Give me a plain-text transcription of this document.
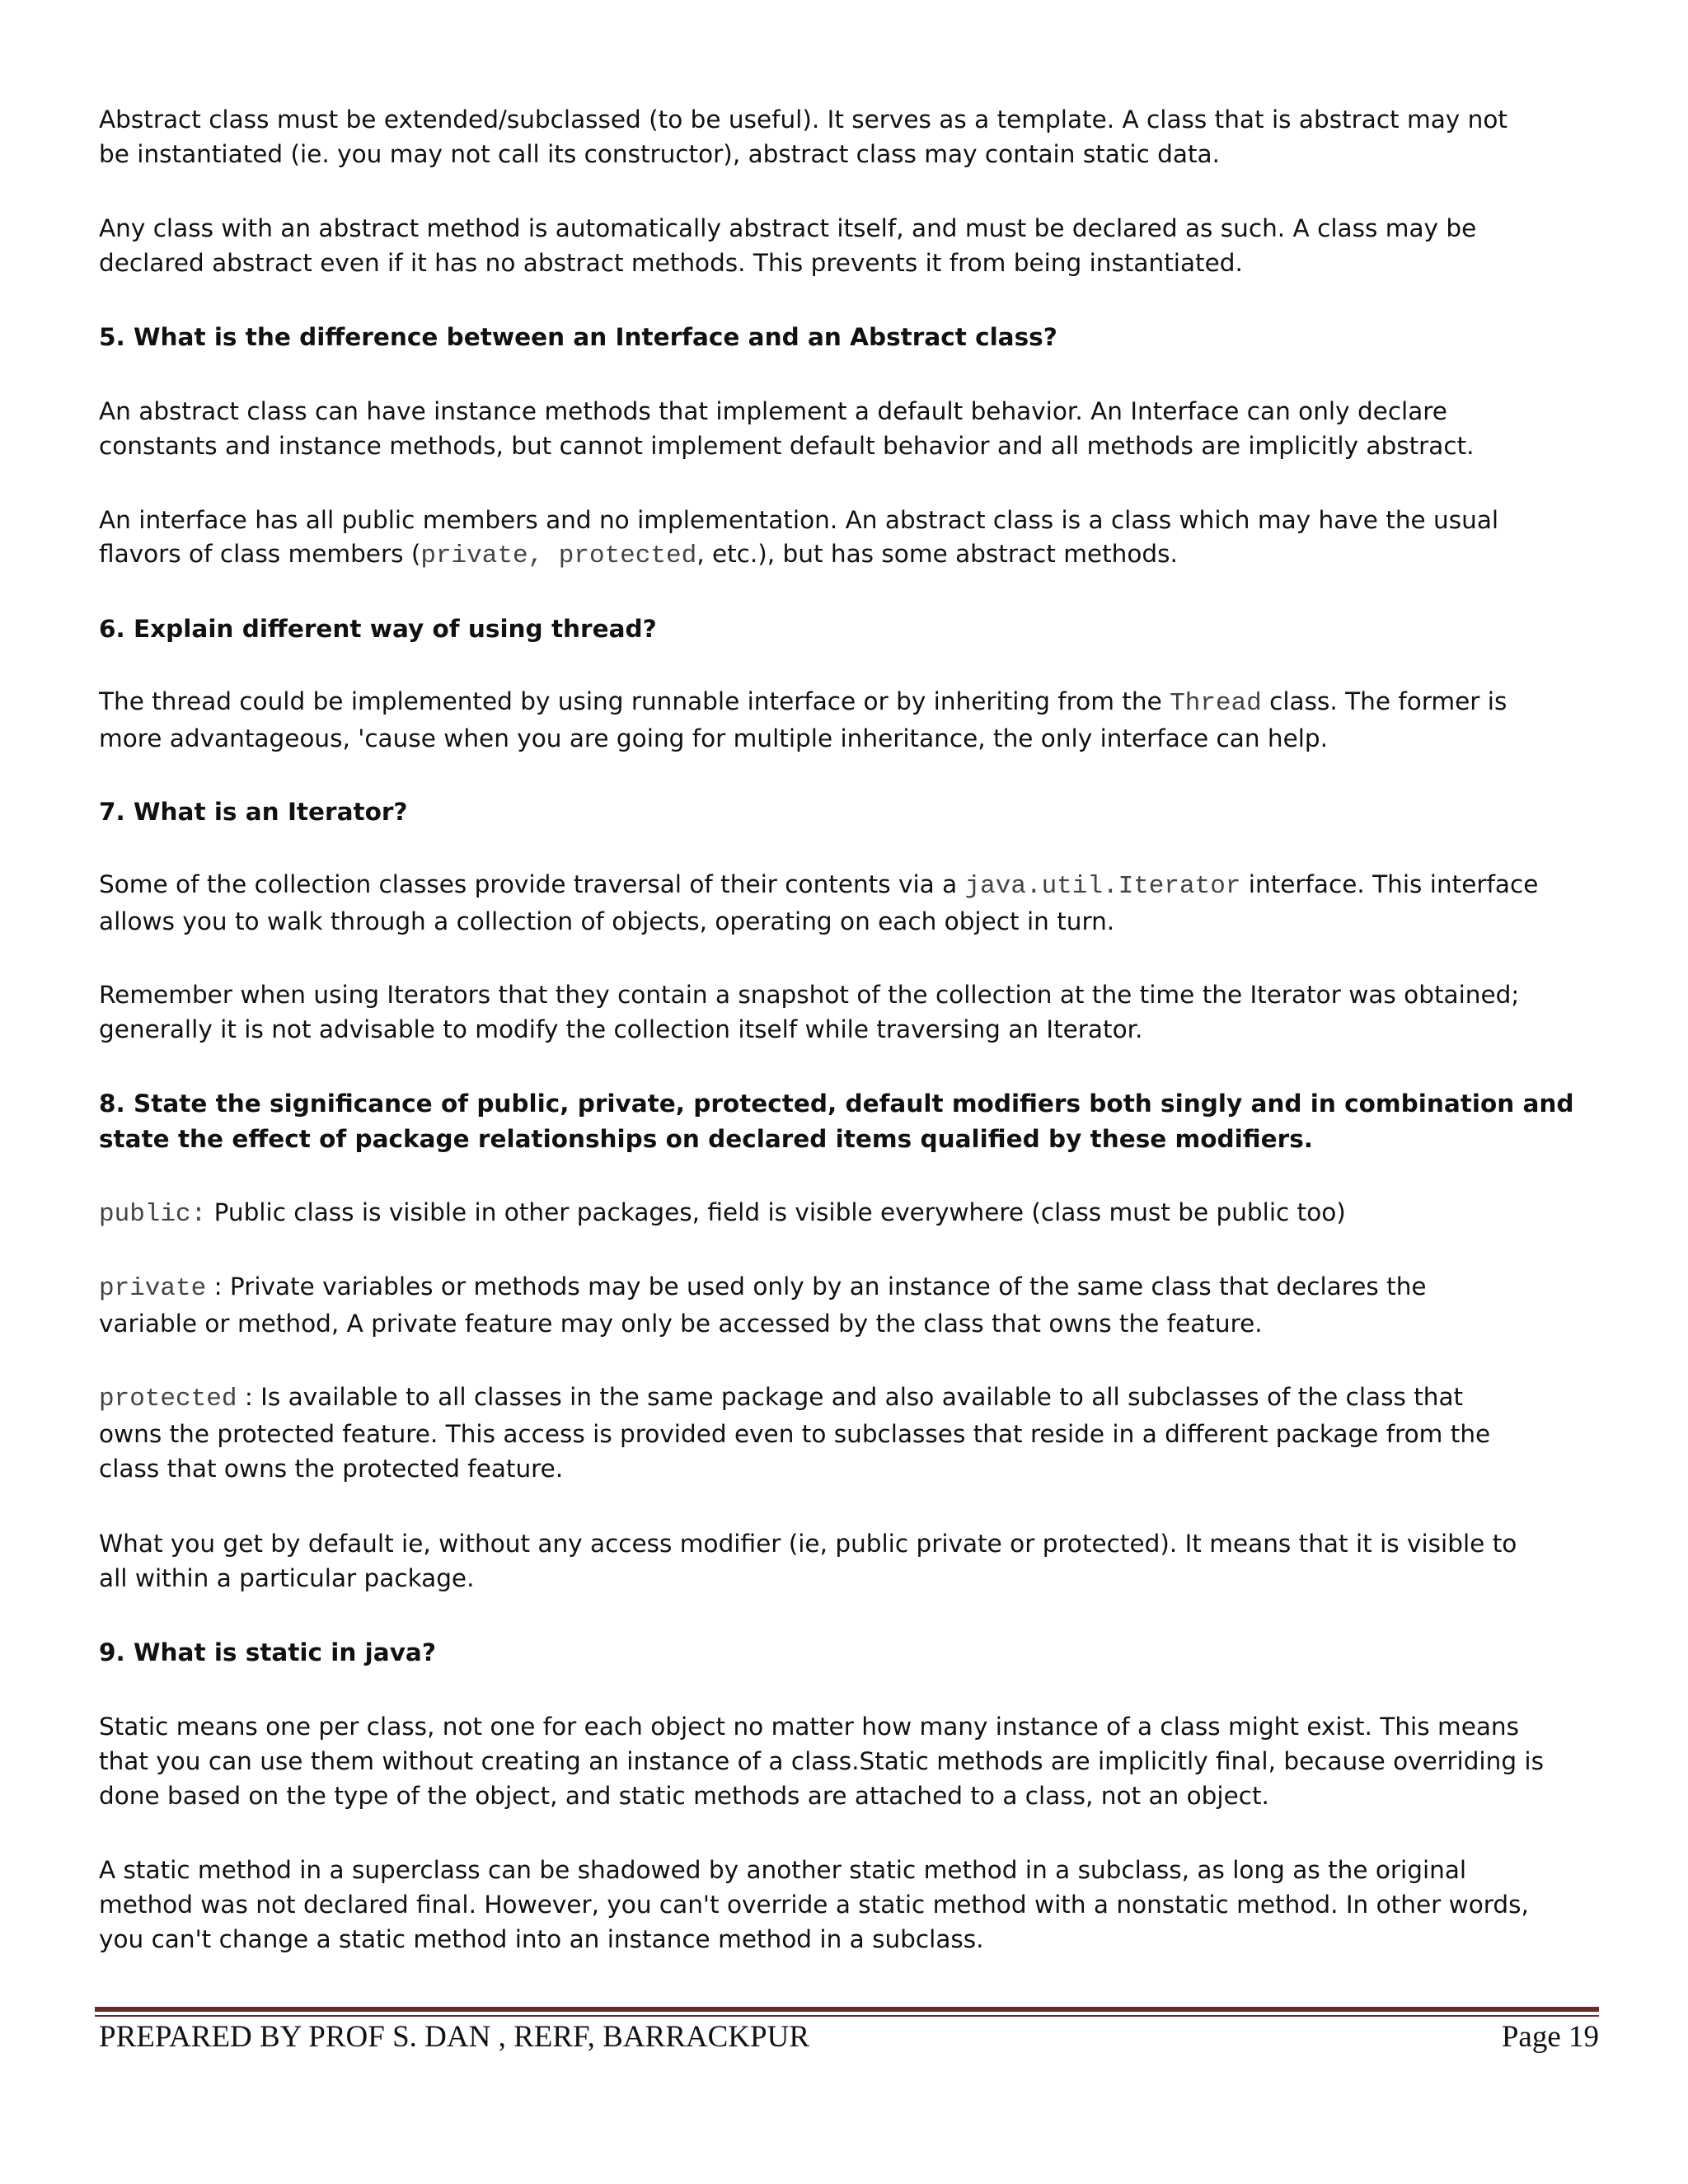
Abstract class must be extended/subclassed (to be useful). It serves as a template. A class that is abstract may not
be instantiated (ie. you may not call its constructor), abstract class may contain static data.
Any class with an abstract method is automatically abstract itself, and must be declared as such. A class may be
declared abstract even if it has no abstract methods. This prevents it from being instantiated.
5. What is the difference between an Interface and an Abstract class?
An abstract class can have instance methods that implement a default behavior. An Interface can only declare
constants and instance methods, but cannot implement default behavior and all methods are implicitly abstract.
An interface has all public members and no implementation. An abstract class is a class which may have the usual
flavors of class members (private, protected, etc.), but has some abstract methods.
6. Explain different way of using thread?
The thread could be implemented by using runnable interface or by inheriting from the Thread class. The former is
more advantageous, 'cause when you are going for multiple inheritance, the only interface can help.
7. What is an Iterator?
Some of the collection classes provide traversal of their contents via a java.util.Iterator interface. This interface
allows you to walk through a collection of objects, operating on each object in turn.
Remember when using Iterators that they contain a snapshot of the collection at the time the Iterator was obtained;
generally it is not advisable to modify the collection itself while traversing an Iterator.
8. State the significance of public, private, protected, default modifiers both singly and in combination and
state the effect of package relationships on declared items qualified by these modifiers.
public: Public class is visible in other packages, field is visible everywhere (class must be public too)
private : Private variables or methods may be used only by an instance of the same class that declares the
variable or method, A private feature may only be accessed by the class that owns the feature.
protected : Is available to all classes in the same package and also available to all subclasses of the class that
owns the protected feature. This access is provided even to subclasses that reside in a different package from the
class that owns the protected feature.
What you get by default ie, without any access modifier (ie, public private or protected). It means that it is visible to
all within a particular package.
9. What is static in java?
Static means one per class, not one for each object no matter how many instance of a class might exist. This means
that you can use them without creating an instance of a class.Static methods are implicitly final, because overriding is
done based on the type of the object, and static methods are attached to a class, not an object.
A static method in a superclass can be shadowed by another static method in a subclass, as long as the original
method was not declared final. However, you can't override a static method with a nonstatic method. In other words,
you can't change a static method into an instance method in a subclass.
PREPARED BY PROF S. DAN , RERF, BARRACKPUR	Page 19
